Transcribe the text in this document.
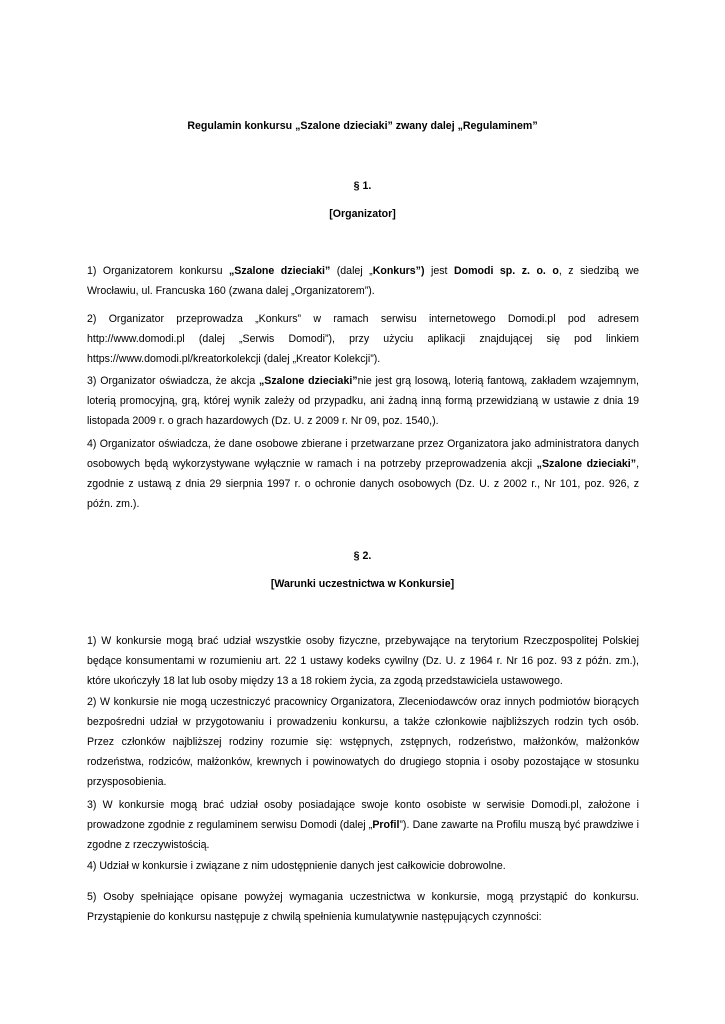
Regulamin konkursu „Szalone dzieciaki” zwany dalej „Regulaminem”
§ 1.
[Organizator]
1) Organizatorem konkursu „Szalone dzieciaki” (dalej „Konkurs”) jest Domodi sp. z. o. o, z siedzibą we Wrocławiu, ul. Francuska 160 (zwana dalej „Organizatorem”).
2) Organizator przeprowadza „Konkurs” w ramach serwisu internetowego Domodi.pl pod adresem http://www.domodi.pl (dalej „Serwis Domodi”), przy użyciu aplikacji znajdującej się pod linkiem https://www.domodi.pl/kreatorkolekcji (dalej „Kreator Kolekcji”).
3) Organizator oświadcza, że akcja „Szalone dzieciaki”nie jest grą losową, loterią fantową, zakładem wzajemnym, loterią promocyjną, grą, której wynik zależy od przypadku, ani żadną inną formą przewidzianą w ustawie z dnia 19 listopada 2009 r. o grach hazardowych (Dz. U. z 2009 r. Nr 09, poz. 1540,).
4) Organizator oświadcza, że dane osobowe zbierane i przetwarzane przez Organizatora jako administratora danych osobowych będą wykorzystywane wyłącznie w ramach i na potrzeby przeprowadzenia akcji „Szalone dzieciaki”, zgodnie z ustawą z dnia 29 sierpnia 1997 r. o ochronie danych osobowych (Dz. U. z 2002 r., Nr 101, poz. 926, z późn. zm.).
§ 2.
[Warunki uczestnictwa w Konkursie]
1) W konkursie mogą brać udział wszystkie osoby fizyczne, przebywające na terytorium Rzeczpospolitej Polskiej będące konsumentami w rozumieniu art. 22 1 ustawy kodeks cywilny (Dz. U. z 1964 r. Nr 16 poz. 93 z późn. zm.), które ukończyły 18 lat lub osoby między 13 a 18 rokiem życia, za zgodą przedstawiciela ustawowego.
2) W konkursie nie mogą uczestniczyć pracownicy Organizatora, Zleceniodawców oraz innych podmiotów biorących bezpośredni udział w przygotowaniu i prowadzeniu konkursu, a także członkowie najbliższych rodzin tych osób. Przez członków najbliższej rodziny rozumie się: wstępnych, zstępnych, rodzeństwo, małżonków, małżonków rodzeństwa, rodziców, małżonków, krewnych i powinowatych do drugiego stopnia i osoby pozostające w stosunku przysposobienia.
3) W konkursie mogą brać udział osoby posiadające swoje konto osobiste w serwisie Domodi.pl, założone i prowadzone zgodnie z regulaminem serwisu Domodi (dalej „Profil”). Dane zawarte na Profilu muszą być prawdziwe i zgodne z rzeczywistością.
4) Udział w konkursie i związane z nim udostępnienie danych jest całkowicie dobrowolne.
5) Osoby spełniające opisane powyżej wymagania uczestnictwa w konkursie, mogą przystąpić do konkursu. Przystąpienie do konkursu następuje z chwilą spełnienia kumulatywnie następujących czynności:
